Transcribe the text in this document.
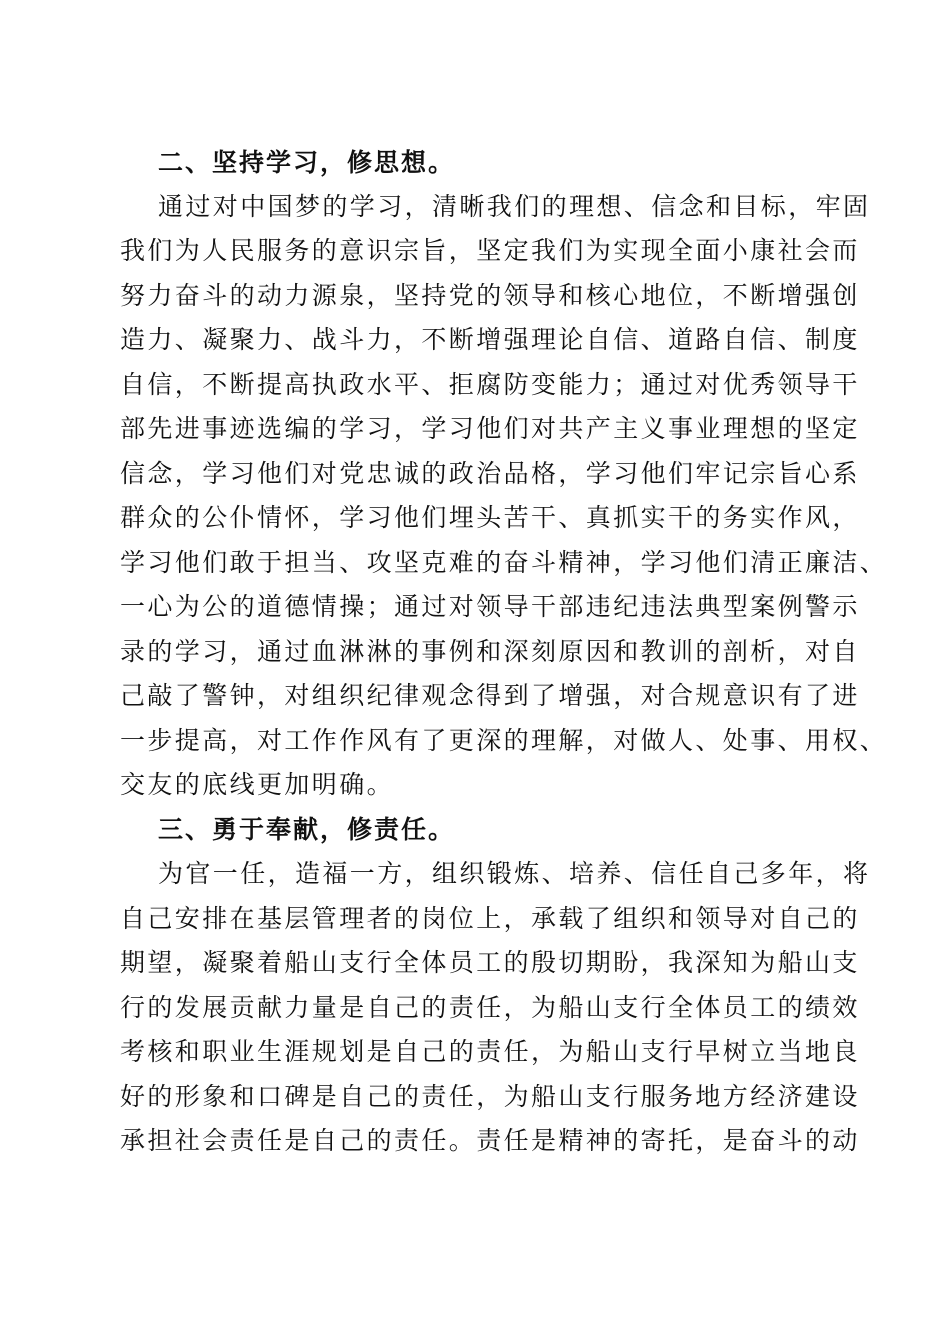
二、坚持学习，修思想。
通过对中国梦的学习，清晰我们的理想、信念和目标，牢固
我们为人民服务的意识宗旨，坚定我们为实现全面小康社会而
努力奋斗的动力源泉，坚持党的领导和核心地位，不断增强创
造力、凝聚力、战斗力，不断增强理论自信、道路自信、制度
自信，不断提高执政水平、拒腐防变能力；通过对优秀领导干
部先进事迹选编的学习，学习他们对共产主义事业理想的坚定
信念，学习他们对党忠诚的政治品格，学习他们牢记宗旨心系
群众的公仆情怀，学习他们埋头苦干、真抓实干的务实作风，
学习他们敢于担当、攻坚克难的奋斗精神，学习他们清正廉洁、
一心为公的道德情操；通过对领导干部违纪违法典型案例警示
录的学习，通过血淋淋的事例和深刻原因和教训的剖析，对自
己敲了警钟，对组织纪律观念得到了增强，对合规意识有了进
一步提高，对工作作风有了更深的理解，对做人、处事、用权、
交友的底线更加明确。
三、勇于奉献，修责任。
为官一任，造福一方，组织锻炼、培养、信任自己多年，将
自己安排在基层管理者的岗位上，承载了组织和领导对自己的
期望，凝聚着船山支行全体员工的殷切期盼，我深知为船山支
行的发展贡献力量是自己的责任，为船山支行全体员工的绩效
考核和职业生涯规划是自己的责任，为船山支行早树立当地良
好的形象和口碑是自己的责任，为船山支行服务地方经济建设
承担社会责任是自己的责任。责任是精神的寄托，是奋斗的动
